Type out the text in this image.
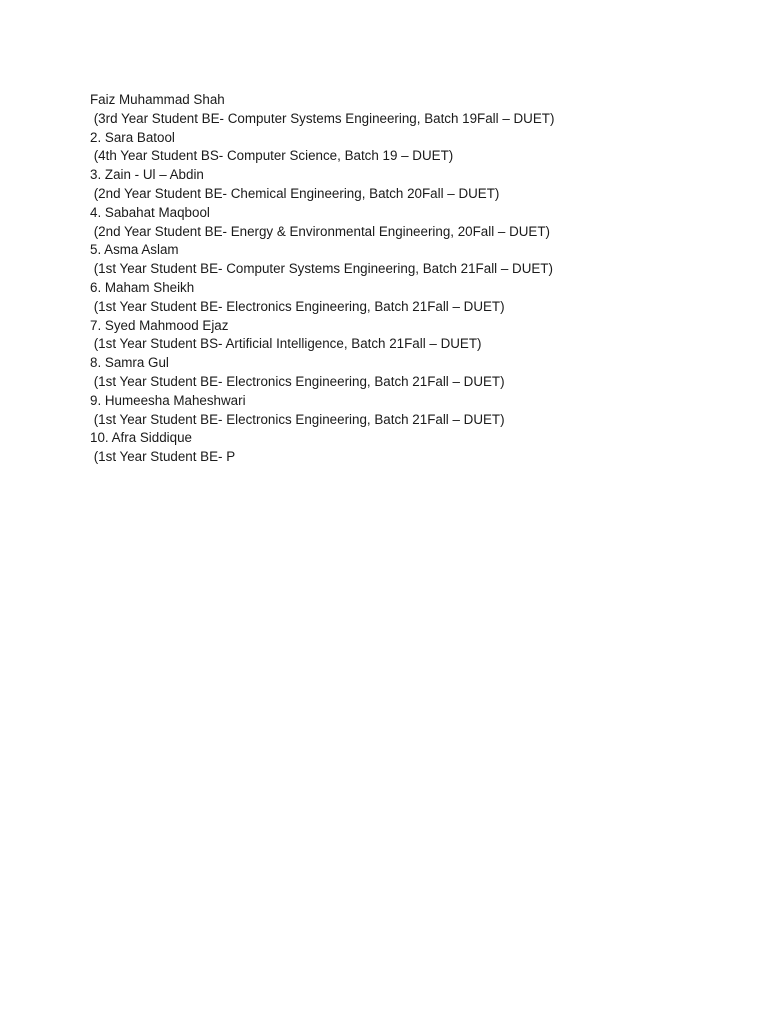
Faiz Muhammad Shah
(3rd Year Student BE- Computer Systems Engineering, Batch 19Fall – DUET)
2. Sara Batool
(4th Year Student BS- Computer Science, Batch 19 – DUET)
3. Zain - Ul – Abdin
(2nd Year Student BE- Chemical Engineering, Batch 20Fall – DUET)
4. Sabahat Maqbool
(2nd Year Student BE- Energy & Environmental Engineering, 20Fall – DUET)
5. Asma Aslam
(1st Year Student BE- Computer Systems Engineering, Batch 21Fall – DUET)
6. Maham Sheikh
(1st Year Student BE- Electronics Engineering, Batch 21Fall – DUET)
7. Syed Mahmood Ejaz
(1st Year Student BS- Artificial Intelligence, Batch 21Fall – DUET)
8. Samra Gul
(1st Year Student BE- Electronics Engineering, Batch 21Fall – DUET)
9. Humeesha Maheshwari
(1st Year Student BE- Electronics Engineering, Batch 21Fall – DUET)
10. Afra Siddique
(1st Year Student BE- P
